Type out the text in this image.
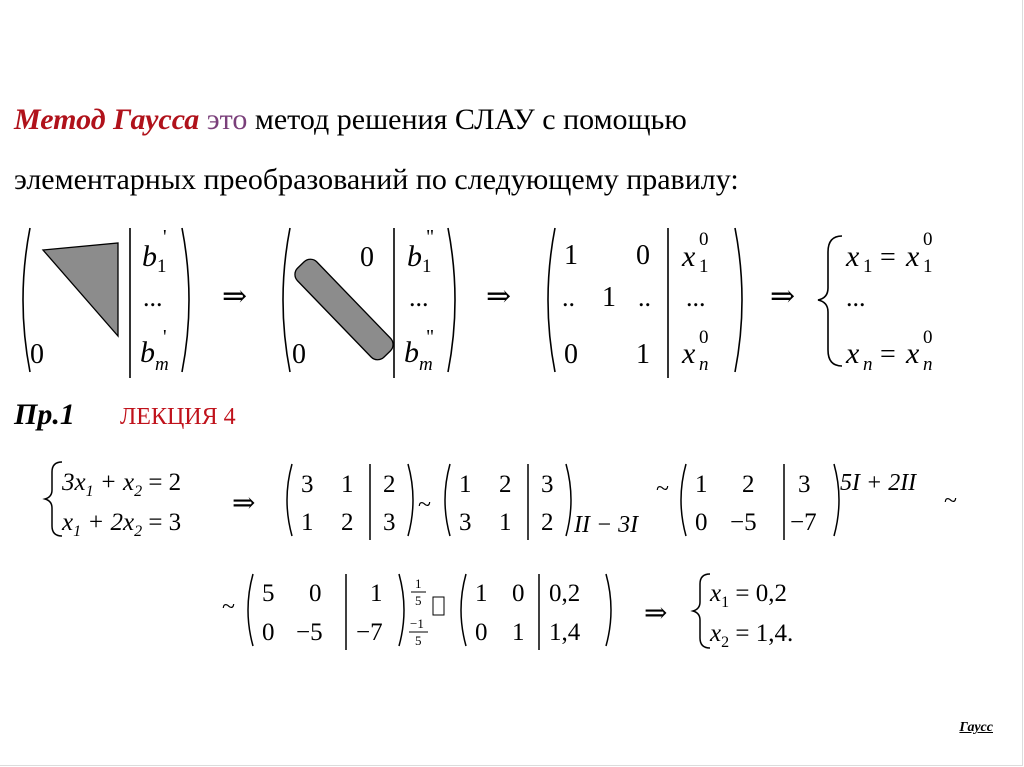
Метод Гаусса это метод решения СЛАУ с помощью
элементарных преобразований по следующему правилу:
Пр.1 ЛЕКЦИЯ 4
0
b 1
'
...
b m
'
⇒
0
0
b 1
"
...
b m
"
⇒
1 0
.. 1 ..
0 1
x 1
0
...
x n
0
⇒
x 1 = x 1
0
...
x n = x n
0
$3x_1 + x_2 = 2$
$x_1 + 2x_2 = 3$
⇒
3 1 2
1 2 3
~
1 2 3
3 1 2 II − 3I
~ 1 2 3
0 −5 −7
5I + 2II
~
~ 5 0 1
0 −5 −7
1
5
−1
5
1 0 0,2
0 1 1,4
⇒
$x_1 = 0,2$
$x_2 = 1,4$.
Гаусс
